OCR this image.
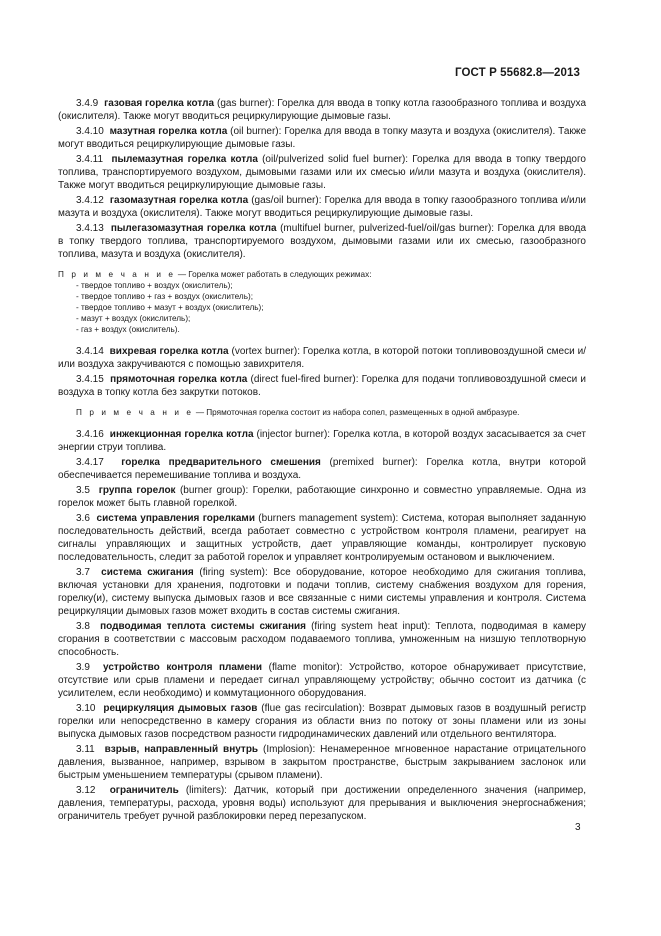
ГОСТ Р 55682.8—2013

3.4.9 газовая горелка котла (gas burner): Горелка для ввода в топку котла газообразного топлива и воздуха (окислителя). Также могут вводиться рециркулирующие дымовые газы.

3.4.10 мазутная горелка котла (oil burner): Горелка для ввода в топку мазута и воздуха (окислителя). Также могут вводиться рециркулирующие дымовые газы.

3.4.11 пылемазутная горелка котла (oil/pulverized solid fuel burner): Горелка для ввода в топку твердого топлива, транспортируемого воздухом, дымовыми газами или их смесью и/или мазута и воздуха (окислителя). Также могут вводиться рециркулирующие дымовые газы.

3.4.12 газомазутная горелка котла (gas/oil burner): Горелка для ввода в топку газообразного топлива и/или мазута и воздуха (окислителя). Также могут вводиться рециркулирующие дымовые газы.

3.4.13 пылегазомазутная горелка котла (multifuel burner, pulverized-fuel/oil/gas burner): Горелка для ввода в топку твердого топлива, транспортируемого воздухом, дымовыми газами или их смесью, газообразного топлива, мазута и воздуха (окислителя).

П р и м е ч а н и е — Горелка может работать в следующих режимах:

- твердое топливо + воздух (окислитель);

- твердое топливо + газ + воздух (окислитель);

- твердое топливо + мазут + воздух (окислитель);

- мазут + воздух (окислитель);

- газ + воздух (окислитель).

3.4.14 вихревая горелка котла (vortex burner): Горелка котла, в которой потоки топливовоздушной смеси и/или воздуха закручиваются с помощью завихрителя.

3.4.15 прямоточная горелка котла (direct fuel-fired burner): Горелка для подачи топливовоздушной смеси и воздуха в топку котла без закрутки потоков.

П р и м е ч а н и е — Прямоточная горелка состоит из набора сопел, размещенных в одной амбразуре.

3.4.16 инжекционная горелка котла (injector burner): Горелка котла, в которой воздух засасывается за счет энергии струи топлива.

3.4.17 горелка предварительного смешения (premixed burner): Горелка котла, внутри которой обеспечивается перемешивание топлива и воздуха.

3.5 группа горелок (burner group): Горелки, работающие синхронно и совместно управляемые. Одна из горелок может быть главной горелкой.

3.6 система управления горелками (burners management system): Система, которая выполняет заданную последовательность действий, всегда работает совместно с устройством контроля пламени, реагирует на сигналы управляющих и защитных устройств, дает управляющие команды, контролирует пусковую последовательность, следит за работой горелок и управляет контролируемым остановом и выключением.

3.7 система сжигания (firing system): Все оборудование, которое необходимо для сжигания топлива, включая установки для хранения, подготовки и подачи топлив, систему снабжения воздухом для горения, горелку(и), систему выпуска дымовых газов и все связанные с ними системы управления и контроля. Система рециркуляции дымовых газов может входить в состав системы сжигания.

3.8 подводимая теплота системы сжигания (firing system heat input): Теплота, подводимая в камеру сгорания в соответствии с массовым расходом подаваемого топлива, умноженным на низшую теплотворную способность.

3.9 устройство контроля пламени (flame monitor): Устройство, которое обнаруживает присутствие, отсутствие или срыв пламени и передает сигнал управляющему устройству; обычно состоит из датчика (с усилителем, если необходимо) и коммутационного оборудования.

3.10 рециркуляция дымовых газов (flue gas recirculation): Возврат дымовых газов в воздушный регистр горелки или непосредственно в камеру сгорания из области вниз по потоку от зоны пламени или из зоны выпуска дымовых газов посредством разности гидродинамических давлений или отдельного вентилятора.

3.11 взрыв, направленный внутрь (Implosion): Ненамеренное мгновенное нарастание отрицательного давления, вызванное, например, взрывом в закрытом пространстве, быстрым закрыванием заслонок или быстрым уменьшением температуры (срывом пламени).

3.12 ограничитель (limiters): Датчик, который при достижении определенного значения (например, давления, температуры, расхода, уровня воды) используют для прерывания и выключения энергоснабжения; ограничитель требует ручной разблокировки перед перезапуском.

3
